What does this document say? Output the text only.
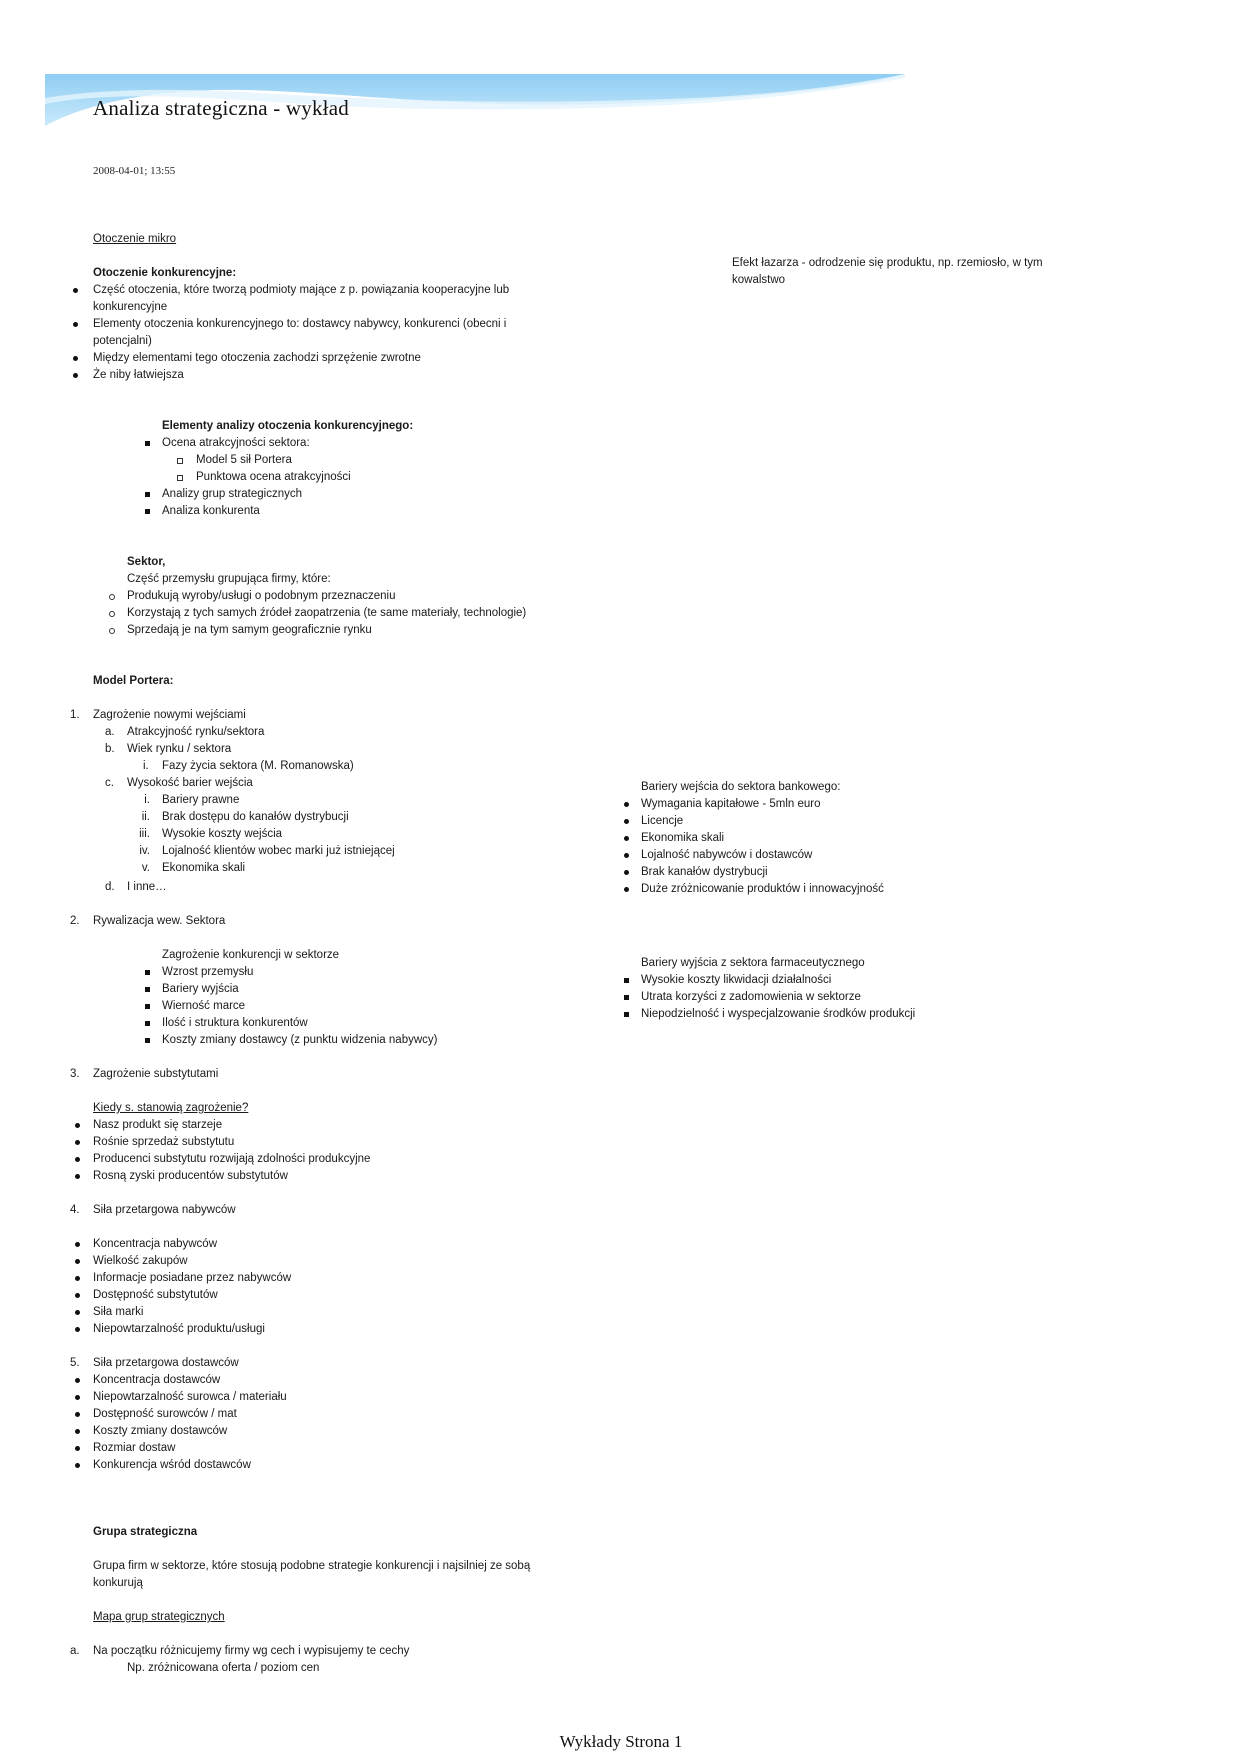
Analiza strategiczna - wykład
2008-04-01; 13:55
Otoczenie mikro
Otoczenie konkurencyjne:
Część otoczenia, które tworzą podmioty mające z p. powiązania kooperacyjne lub konkurencyjne
Elementy otoczenia konkurencyjnego to: dostawcy nabywcy, konkurenci (obecni i potencjalni)
Między elementami tego otoczenia zachodzi sprzężenie zwrotne
Że niby łatwiejsza
Elementy analizy otoczenia konkurencyjnego:
Ocena atrakcyjności sektora:
Model 5 sił Portera
Punktowa ocena atrakcyjności
Analizy grup strategicznych
Analiza konkurenta
Sektor,
Część przemysłu grupująca firmy, które:
Produkują wyroby/usługi o podobnym przeznaczeniu
Korzystają z tych samych źródeł zaopatrzenia (te same materiały, technologie)
Sprzedają je na tym samym geograficznie rynku
Model Portera:
1. Zagrożenie nowymi wejściami
a. Atrakcyjność rynku/sektora
b. Wiek rynku / sektora
i. Fazy życia sektora (M. Romanowska)
c. Wysokość barier wejścia
i. Bariery prawne
ii. Brak dostępu do kanałów dystrybucji
iii. Wysokie koszty wejścia
iv. Lojalność klientów wobec marki już istniejącej
v. Ekonomika skali
d. I inne…
2. Rywalizacja wew. Sektora
Zagrożenie konkurencji w sektorze
Wzrost przemysłu
Bariery wyjścia
Wierność marce
Ilość i struktura konkurentów
Koszty zmiany dostawcy (z punktu widzenia nabywcy)
3. Zagrożenie substytutami
Kiedy s. stanowią zagrożenie?
Nasz produkt się starzeje
Rośnie sprzedaż substytutu
Producenci substytutu rozwijają zdolności produkcyjne
Rosną zyski producentów substytutów
4. Siła przetargowa nabywców
Koncentracja nabywców
Wielkość zakupów
Informacje posiadane przez nabywców
Dostępność substytutów
Siła marki
Niepowtarzalność produktu/usługi
5. Siła przetargowa dostawców
Koncentracja dostawców
Niepowtarzalność surowca / materiału
Dostępność surowców / mat
Koszty zmiany dostawców
Rozmiar dostaw
Konkurencja wśród dostawców
Grupa strategiczna
Grupa firm w sektorze, które stosują podobne strategie konkurencji i najsilniej ze sobą konkurują
Mapa grup strategicznych
a. Na początku różnicujemy firmy wg cech i wypisujemy te cechy
Np. zróżnicowana oferta / poziom cen
Efekt łazarza - odrodzenie się produktu, np. rzemiosło, w tym kowalstwo
Bariery wejścia do sektora bankowego:
Wymagania kapitałowe - 5mln euro
Licencje
Ekonomika skali
Lojalność nabywców i dostawców
Brak kanałów dystrybucji
Duże zróżnicowanie produktów i innowacyjność
Bariery wyjścia z sektora farmaceutycznego
Wysokie koszty likwidacji działalności
Utrata korzyści z zadomowienia w sektorze
Niepodzielność i wyspecjalzowanie środków produkcji
Wykłady Strona 1
